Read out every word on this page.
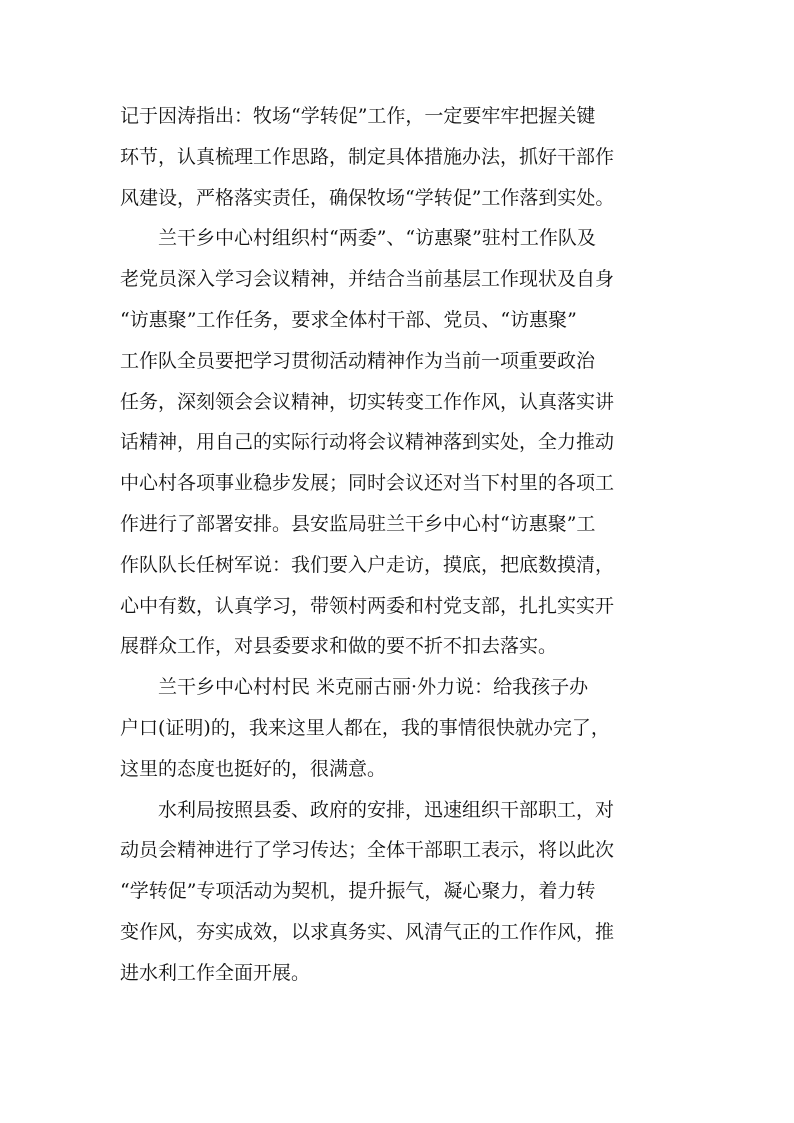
记于因涛指出：牧场“学转促”工作，一定要牢牢把握关键
环节，认真梳理工作思路，制定具体措施办法，抓好干部作
风建设，严格落实责任，确保牧场“学转促”工作落到实处。
　　兰干乡中心村组织村“两委”、“访惠聚”驻村工作队及
老党员深入学习会议精神，并结合当前基层工作现状及自身
“访惠聚”工作任务，要求全体村干部、党员、“访惠聚”
工作队全员要把学习贯彻活动精神作为当前一项重要政治
任务，深刻领会会议精神，切实转变工作作风，认真落实讲
话精神，用自己的实际行动将会议精神落到实处，全力推动
中心村各项事业稳步发展；同时会议还对当下村里的各项工
作进行了部署安排。县安监局驻兰干乡中心村“访惠聚”工
作队队长任树军说：我们要入户走访，摸底，把底数摸清，
心中有数，认真学习，带领村两委和村党支部，扎扎实实开
展群众工作，对县委要求和做的要不折不扣去落实。
　　兰干乡中心村村民 米克丽古丽·外力说：给我孩子办
户口(证明)的，我来这里人都在，我的事情很快就办完了，
这里的态度也挺好的，很满意。
　　水利局按照县委、政府的安排，迅速组织干部职工，对
动员会精神进行了学习传达；全体干部职工表示，将以此次
“学转促”专项活动为契机，提升振气，凝心聚力，着力转
变作风，夯实成效，以求真务实、风清气正的工作作风，推
进水利工作全面开展。
